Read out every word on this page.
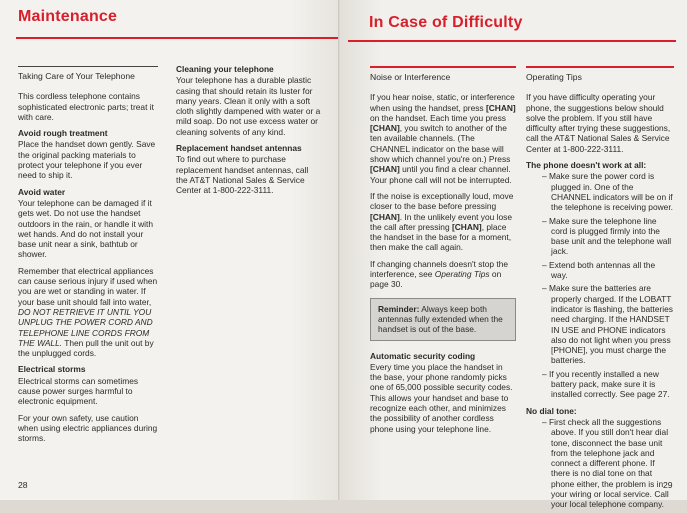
Maintenance
Taking Care of Your Telephone

This cordless telephone contains sophisticated electronic parts; treat it with care.

Avoid rough treatment

Place the handset down gently. Save the original packing materials to protect your telephone if you ever need to ship it.

Avoid water

Your telephone can be damaged if it gets wet. Do not use the handset outdoors in the rain, or handle it with wet hands. And do not install your base unit near a sink, bathtub or shower.

Remember that electrical appliances can cause serious injury if used when you are wet or standing in water. If your base unit should fall into water, DO NOT RETRIEVE IT UNTIL YOU UNPLUG THE POWER CORD AND TELEPHONE LINE CORDS FROM THE WALL. Then pull the unit out by the unplugged cords.

Electrical storms

Electrical storms can sometimes cause power surges harmful to electronic equipment.

For your own safety, use caution when using electric appliances during storms.

Cleaning your telephone

Your telephone has a durable plastic casing that should retain its luster for many years. Clean it only with a soft cloth slightly dampened with water or a mild soap. Do not use excess water or cleaning solvents of any kind.

Replacement handset antennas

To find out where to purchase replacement handset antennas, call the AT&T National Sales & Service Center at 1-800-222-3111.

28
In Case of Difficulty
Noise or Interference

If you hear noise, static, or interference when using the handset, press [CHAN] on the handset. Each time you press [CHAN], you switch to another of the ten available channels. (The CHANNEL indicator on the base will show which channel you're on.) Press [CHAN] until you find a clear channel. Your phone call will not be interrupted.

If the noise is exceptionally loud, move closer to the base before pressing [CHAN]. In the unlikely event you lose the call after pressing [CHAN], place the handset in the base for a moment, then make the call again.

If changing channels doesn't stop the interference, see Operating Tips on page 30.

Reminder: Always keep both antennas fully extended when the handset is out of the base.
Automatic security coding

Every time you place the handset in the base, your phone randomly picks one of 65,000 possible security codes. This allows your handset and base to recognize each other, and minimizes the possibility of another cordless phone using your telephone line.

Operating Tips

If you have difficulty operating your phone, the suggestions below should solve the problem. If you still have difficulty after trying these suggestions, call the AT&T National Sales & Service Center at 1-800-222-3111.

The phone doesn't work at all:
– Make sure the power cord is plugged in. One of the CHANNEL indicators will be on if the telephone is receiving power.
– Make sure the telephone line cord is plugged firmly into the base unit and the telephone wall jack.
– Extend both antennas all the way.
– Make sure the batteries are properly charged. If the LOBATT indicator is flashing, the batteries need charging. If the HANDSET IN USE and PHONE indicators also do not light when you press [PHONE], you must charge the batteries.
– If you recently installed a new battery pack, make sure it is installed correctly. See page 27.
No dial tone:
– First check all the suggestions above. If you still don't hear dial tone, disconnect the base unit from the telephone jack and connect a different phone. If there is no dial tone on that phone either, the problem is in your wiring or local service. Call your local telephone company.
29
